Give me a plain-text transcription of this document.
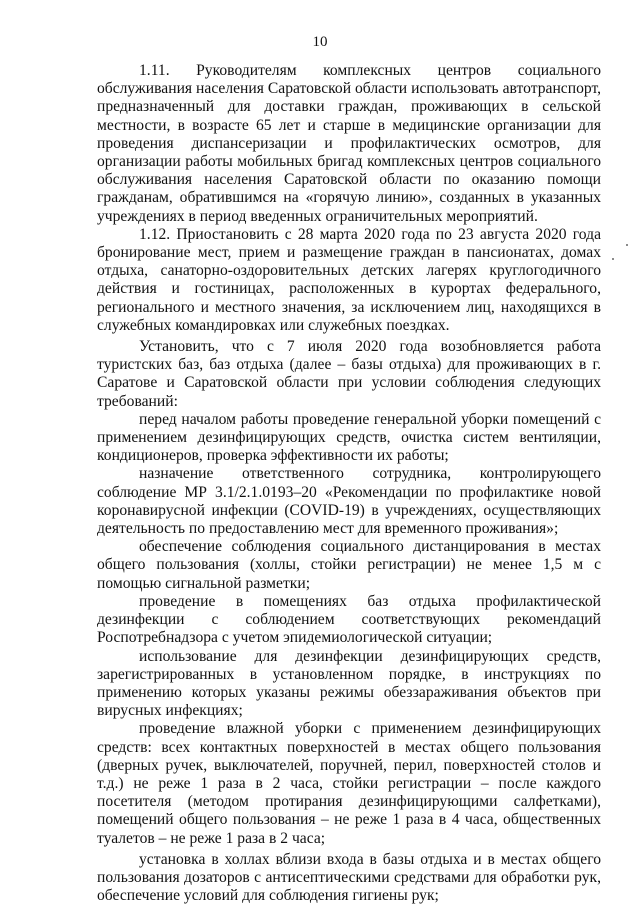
10

1.11. Руководителям комплексных центров социального обслуживания населения Саратовской области использовать автотранспорт, предназначенный для доставки граждан, проживающих в сельской местности, в возрасте 65 лет и старше в медицинские организации для проведения диспансеризации и профилактических осмотров, для организации работы мобильных бригад комплексных центров социального обслуживания населения Саратовской области по оказанию помощи гражданам, обратившимся на «горячую линию», созданных в указанных учреждениях в период введенных ограничительных мероприятий.

1.12. Приостановить с 28 марта 2020 года по 23 августа 2020 года бронирование мест, прием и размещение граждан в пансионатах, домах отдыха, санаторно-оздоровительных детских лагерях круглогодичного действия и гостиницах, расположенных в курортах федерального, регионального и местного значения, за исключением лиц, находящихся в служебных командировках или служебных поездках.

Установить, что с 7 июля 2020 года возобновляется работа туристских баз, баз отдыха (далее – базы отдыха) для проживающих в г. Саратове и Саратовской области при условии соблюдения следующих требований:

перед началом работы проведение генеральной уборки помещений с применением дезинфицирующих средств, очистка систем вентиляции, кондиционеров, проверка эффективности их работы;

назначение ответственного сотрудника, контролирующего соблюдение МР 3.1/2.1.0193–20 «Рекомендации по профилактике новой коронавирусной инфекции (COVID-19) в учреждениях, осуществляющих деятельность по предоставлению мест для временного проживания»;

обеспечение соблюдения социального дистанцирования в местах общего пользования (холлы, стойки регистрации) не менее 1,5 м с помощью сигнальной разметки;

проведение в помещениях баз отдыха профилактической дезинфекции с соблюдением соответствующих рекомендаций Роспотребнадзора с учетом эпидемиологической ситуации;

использование для дезинфекции дезинфицирующих средств, зарегистрированных в установленном порядке, в инструкциях по применению которых указаны режимы обеззараживания объектов при вирусных инфекциях;

проведение влажной уборки с применением дезинфицирующих средств: всех контактных поверхностей в местах общего пользования (дверных ручек, выключателей, поручней, перил, поверхностей столов и т.д.) не реже 1 раза в 2 часа, стойки регистрации – после каждого посетителя (методом протирания дезинфицирующими салфетками), помещений общего пользования – не реже 1 раза в 4 часа, общественных туалетов – не реже 1 раза в 2 часа;

установка в холлах вблизи входа в базы отдыха и в местах общего пользования дозаторов с антисептическими средствами для обработки рук, обеспечение условий для соблюдения гигиены рук;
